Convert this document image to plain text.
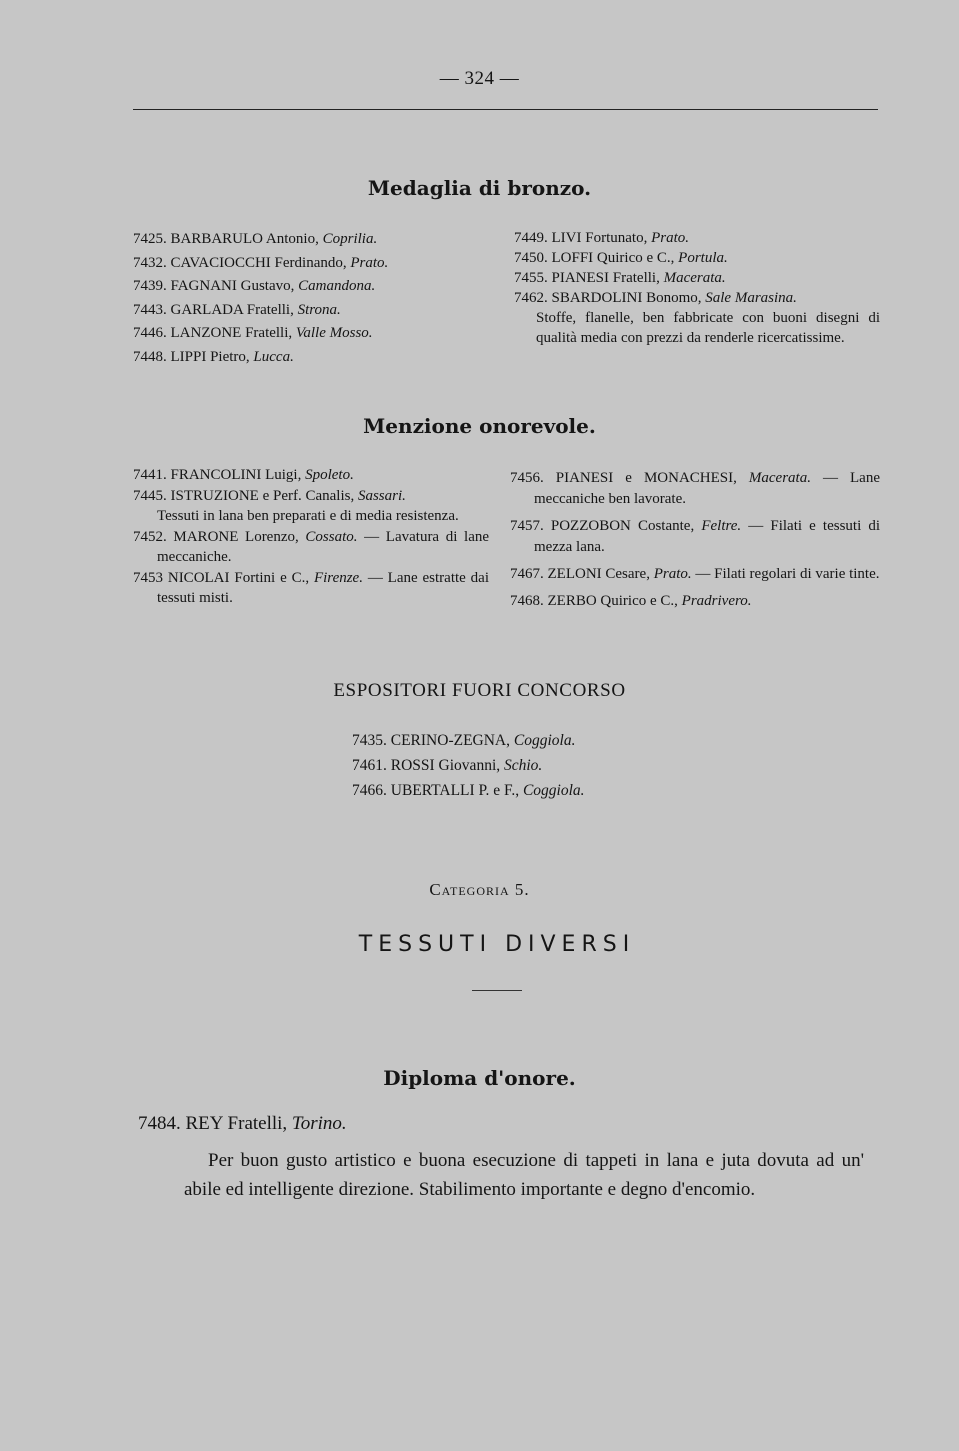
— 324 —
Medaglia di bronzo.
7425. BARBARULO Antonio, Coprilia.
7432. CAVACIOCCHI Ferdinando, Prato.
7439. FAGNANI Gustavo, Camandona.
7443. GARLADA Fratelli, Strona.
7446. LANZONE Fratelli, Valle Mosso.
7448. LIPPI Pietro, Lucca.
7449. LIVI Fortunato, Prato.
7450. LOFFI Quirico e C., Portula.
7455. PIANESI Fratelli, Macerata.
7462. SBARDOLINI Bonomo, Sale Marasina.
Stoffe, flanelle, ben fabbricate con buoni disegni di qualità media con prezzi da renderle ricercatissime.
Menzione onorevole.
7441. FRANCOLINI Luigi, Spoleto.
7445. ISTRUZIONE e Perf. Canalis, Sassari.
Tessuti in lana ben preparati e di media resistenza.
7452. MARONE Lorenzo, Cossato. — Lavatura di lane meccaniche.
7453 NICOLAI Fortini e C., Firenze. — Lane estratte dai tessuti misti.
7456. PIANESI e MONACHESI, Macerata. — Lane meccaniche ben lavorate.
7457. POZZOBON Costante, Feltre. — Filati e tessuti di mezza lana.
7467. ZELONI Cesare, Prato. — Filati regolari di varie tinte.
7468. ZERBO Quirico e C., Pradrivero.
ESPOSITORI FUORI CONCORSO
7435. CERINO-ZEGNA, Coggiola.
7461. ROSSI Giovanni, Schio.
7466. UBERTALLI P. e F., Coggiola.
Categoria 5.
TESSUTI DIVERSI
Diploma d'onore.
7484. REY Fratelli, Torino.
Per buon gusto artistico e buona esecuzione di tappeti in lana e juta dovuta ad un' abile ed intelligente direzione. Stabilimento importante e degno d'encomio.
